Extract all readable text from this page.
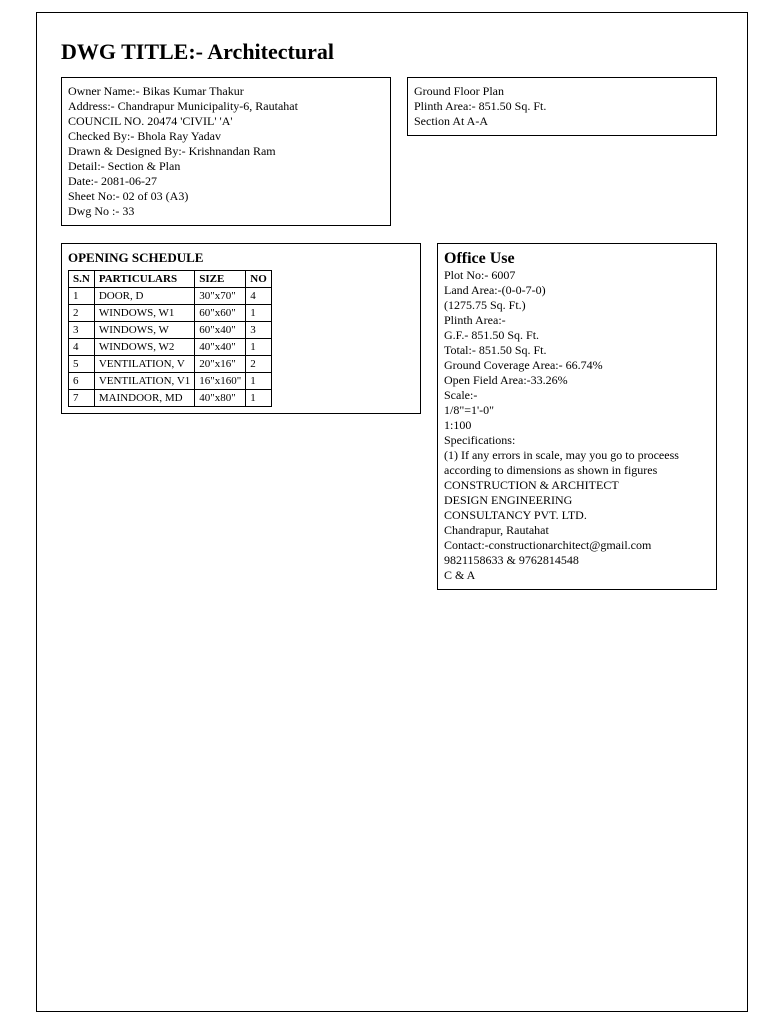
DWG TITLE:- Architectural
Owner Name:- Bikas Kumar Thakur
Address:- Chandrapur Municipality-6, Rautahat
COUNCIL NO. 20474 'CIVIL' 'A'
Checked By:- Bhola Ray Yadav
Drawn & Designed By:- Krishnandan Ram
Detail:- Section & Plan
Date:- 2081-06-27
Sheet No:- 02 of 03 (A3)
Dwg No :- 33
Ground Floor Plan
Plinth Area:- 851.50 Sq. Ft.
Section At A-A
OPENING SCHEDULE
S.N	PARTICULARS	SIZE	NO
1	DOOR, D	30"x70"	4
2	WINDOWS, W1	60"x60"	1
3	WINDOWS, W	60"x40"	3
4	WINDOWS, W2	40"x40"	1
5	VENTILATION, V	20"x16"	2
6	VENTILATION, V1	16"x160"	1
7	MAINDOOR, MD	40"x80"	1
Office Use
Plot No:- 6007
Land Area:-(0-0-7-0)
(1275.75 Sq. Ft.)
Plinth Area:-
G.F.- 851.50 Sq. Ft.
Total:- 851.50 Sq. Ft.
Ground Coverage Area:- 66.74%
Open Field Area:-33.26%
Scale:-
1/8"=1'-0"
1:100
Specifications:
(1) If any errors in scale, may you go to proceess according to dimensions as shown in figures
CONSTRUCTION & ARCHITECT
DESIGN ENGINEERING
CONSULTANCY PVT. LTD.
Chandrapur, Rautahat
Contact:-constructionarchitect@gmail.com
9821158633 & 9762814548
C & A
